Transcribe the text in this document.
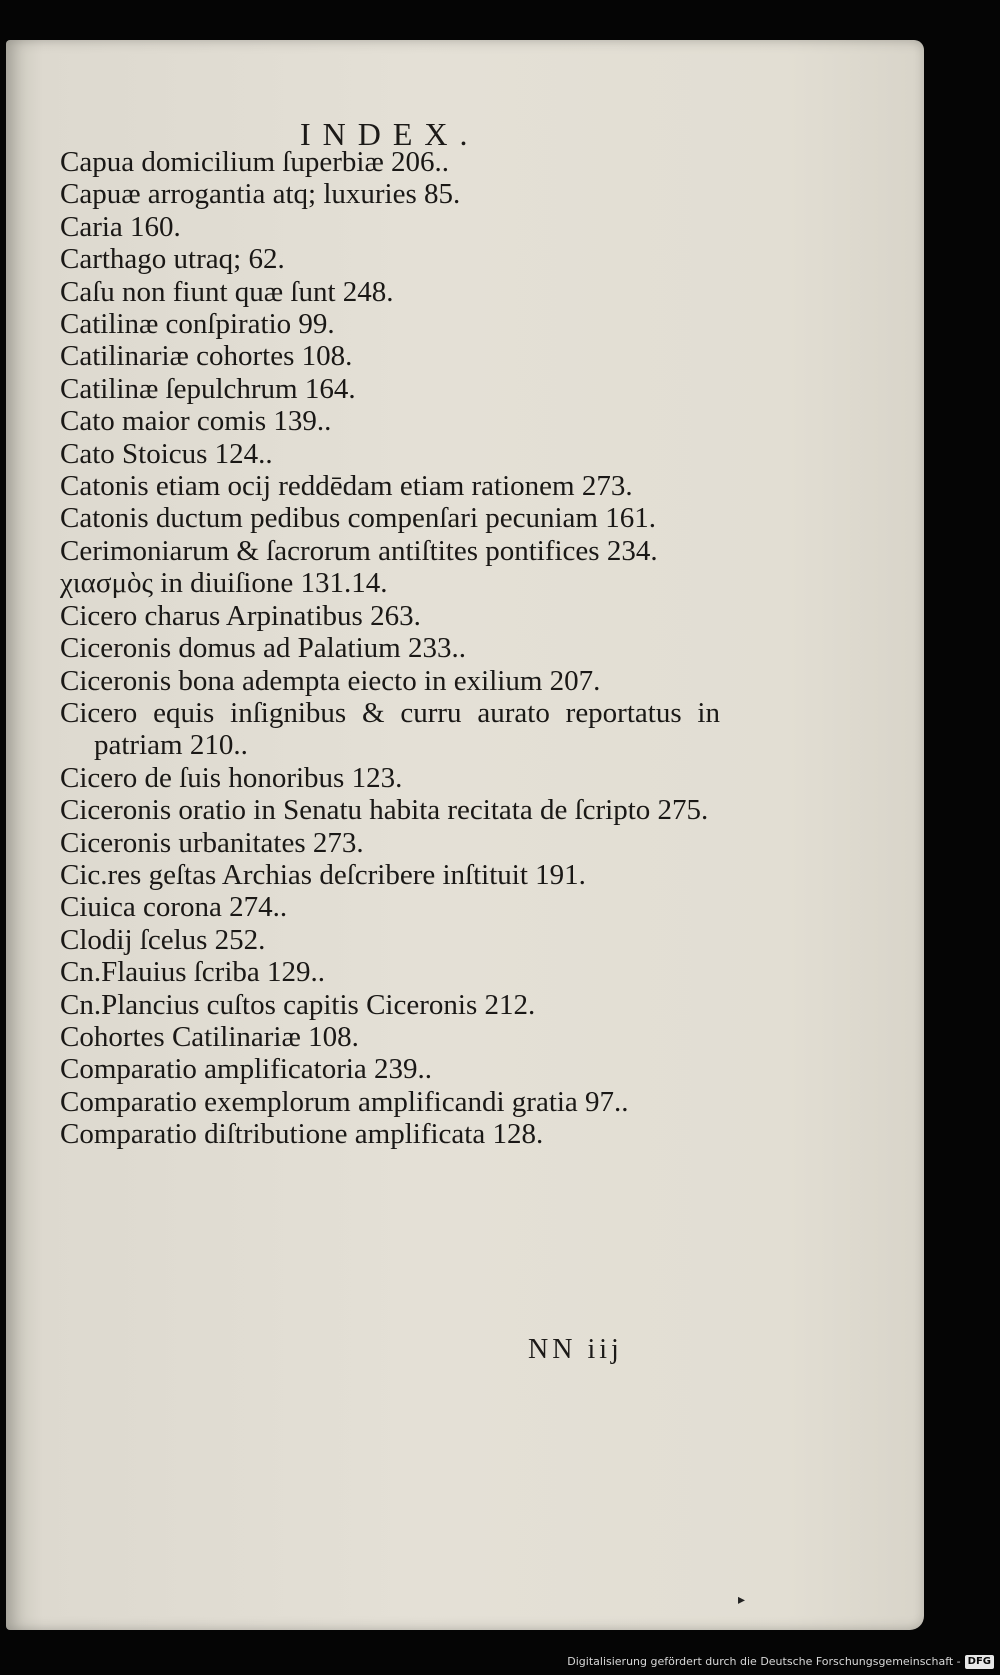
INDEX.
Capua domicilium ſuperbiæ 206..
Capuæ arrogantia atq; luxuries 85.
Caria 160.
Carthago utraq; 62.
Caſu non fiunt quæ ſunt 248.
Catilinæ conſpiratio 99.
Catilinariæ cohortes 108.
Catilinæ ſepulchrum 164.
Cato maior comis 139..
Cato Stoicus 124..
Catonis etiam ocij reddēdam etiam rationem 273.
Catonis ductum pedibus compenſari pecuniam 161.
Cerimoniarum & ſacrorum antiſtites pontifices 234.
χιασμὸς in diuiſione 131.14.
Cicero charus Arpinatibus 263.
Ciceronis domus ad Palatium 233..
Ciceronis bona adempta eiecto in exilium 207.
Cicero equis inſignibus & curru aurato reportatus in patriam 210..
Cicero de ſuis honoribus 123.
Ciceronis oratio in Senatu habita recitata de ſcripto 275.
Ciceronis urbanitates 273.
Cic.res geſtas Archias deſcribere inſtituit 191.
Ciuica corona 274..
Clodij ſcelus 252.
Cn.Flauius ſcriba 129..
Cn.Plancius cuſtos capitis Ciceronis 212.
Cohortes Catilinariæ 108.
Comparatio amplificatoria 239..
Comparatio exemplorum amplificandi gratia 97..
Comparatio diſtributione amplificata 128.
NN iij
▸
Digitalisierung gefördert durch die Deutsche Forschungsgemeinschaft - DFG
